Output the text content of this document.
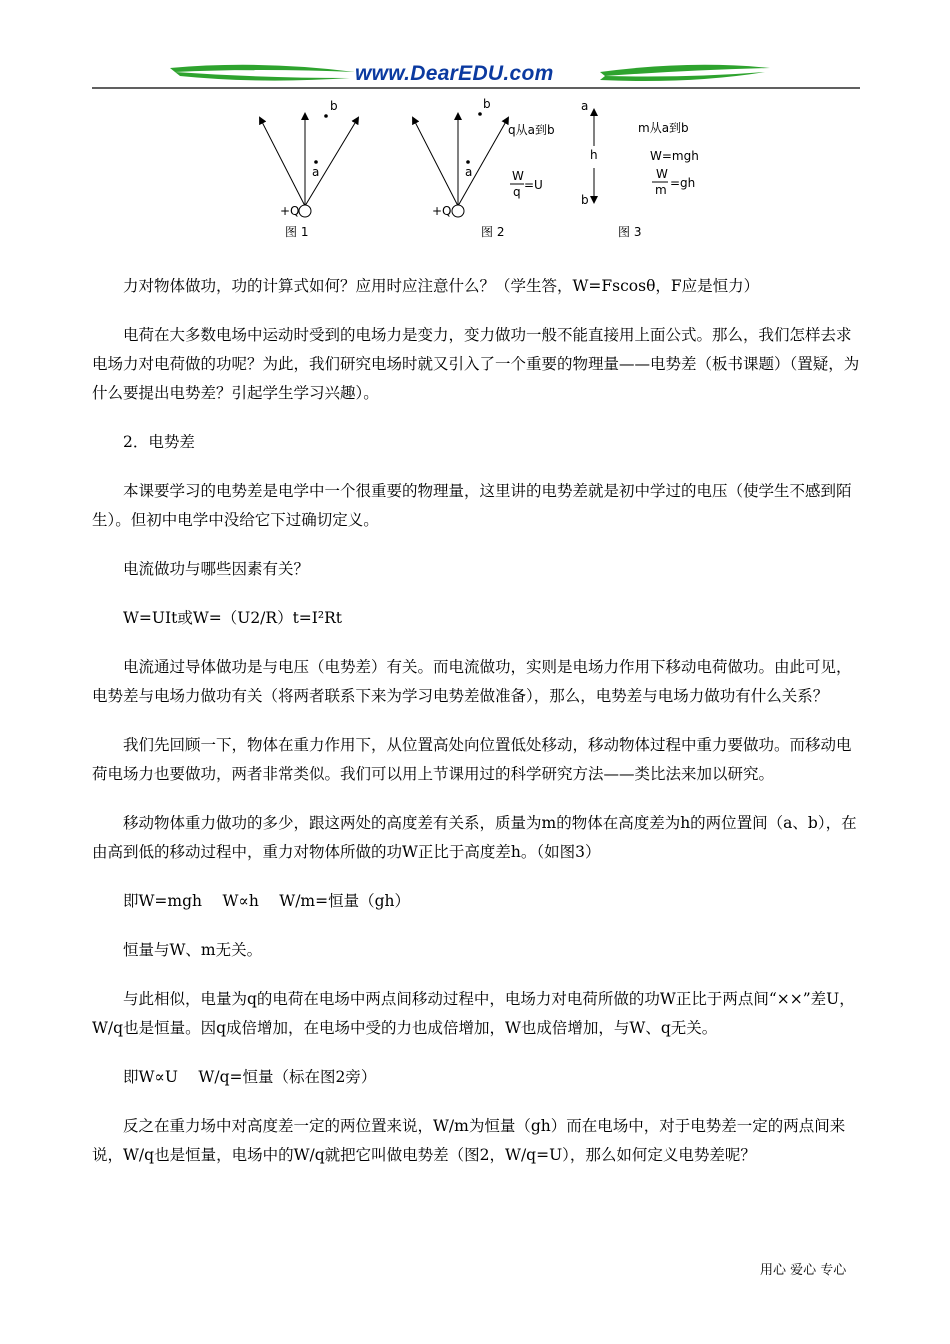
www.DearEDU.com
+Q
a
b
图 1
+Q
a
b
q从a到b
W
q =U
图 2
a
h
b
m从a到b
W=mgh
W
m =gh
图 3

力对物体做功，功的计算式如何？应用时应注意什么？（学生答，W=Fscosθ，F应是恒力）

电荷在大多数电场中运动时受到的电场力是变力，变力做功一般不能直接用上面公式。那么，我们怎样去求电场力对电荷做的功呢？为此，我们研究电场时就又引入了一个重要的物理量——电势差（板书课题）（置疑，为什么要提出电势差？引起学生学习兴趣）。

2．电势差

本课要学习的电势差是电学中一个很重要的物理量，这里讲的电势差就是初中学过的电压（使学生不感到陌生）。但初中电学中没给它下过确切定义。

电流做功与哪些因素有关？

W=UIt或W=（U2/R）t=I²Rt

电流通过导体做功是与电压（电势差）有关。而电流做功，实则是电场力作用下移动电荷做功。由此可见，电势差与电场力做功有关（将两者联系下来为学习电势差做准备），那么，电势差与电场力做功有什么关系？

我们先回顾一下，物体在重力作用下，从位置高处向位置低处移动，移动物体过程中重力要做功。而移动电荷电场力也要做功，两者非常类似。我们可以用上节课用过的科学研究方法——类比法来加以研究。

移动物体重力做功的多少，跟这两处的高度差有关系，质量为m的物体在高度差为h的两位置间（a、b），在由高到低的移动过程中，重力对物体所做的功W正比于高度差h。（如图3）

即W=mgh　 W∝h　 W/m=恒量（gh）

恒量与W、m无关。

与此相似，电量为q的电荷在电场中两点间移动过程中，电场力对电荷所做的功W正比于两点间“××”差U，W/q也是恒量。因q成倍增加，在电场中受的力也成倍增加，W也成倍增加，与W、q无关。

即W∝U　 W/q=恒量（标在图2旁）

反之在重力场中对高度差一定的两位置来说，W/m为恒量（gh）而在电场中，对于电势差一定的两点间来说，W/q也是恒量，电场中的W/q就把它叫做电势差（图2，W/q=U），那么如何定义电势差呢？

用心 爱心 专心
